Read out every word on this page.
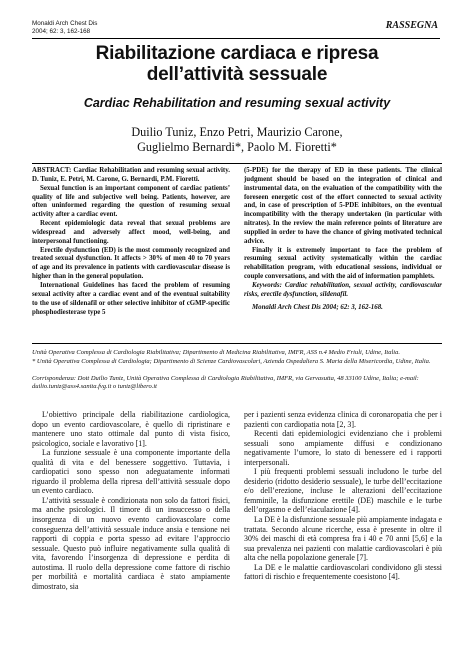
Monaldi Arch Chest Dis
2004; 62: 3, 162-168
RASSEGNA
Riabilitazione cardiaca e ripresa
dell’attività sessuale
Cardiac Rehabilitation and resuming sexual activity
Duilio Tuniz, Enzo Petri, Maurizio Carone,
Guglielmo Bernardi*, Paolo M. Fioretti*

ABSTRACT: Cardiac Rehabilitation and resuming sexual activity. D. Tuniz, E. Petri, M. Carone, G. Bernardi, P.M. Fioretti.

Sexual function is an important component of cardiac patients’ quality of life and subjective well being. Patients, however, are often uninformed regarding the question of resuming sexual activity after a cardiac event.

Recent epidemiologic data reveal that sexual problems are widespread and adversely affect mood, well-being, and interpersonal functioning.

Erectile dysfunction (ED) is the most commonly recognized and treated sexual dysfunction. It affects > 30% of men 40 to 70 years of age and its prevalence in patients with cardiovascular disease is higher than in the general population.

International Guidelines has faced the problem of resuming sexual activity after a cardiac event and of the eventual suitability to the use of sildenafil or other selective inhibitor of cGMP-specific phosphodiesterase type 5

(5-PDE) for the therapy of ED in these patients. The clinical judgment should be based on the integration of clinical and instrumental data, on the evaluation of the compatibility with the foreseen energetic cost of the effort connected to sexual activity and, in case of prescription of 5-PDE inhibitors, on the eventual incompatibility with the therapy undertaken (in particular with nitrates). In the review the main reference points of literature are supplied in order to have the chance of giving motivated technical advice.

Finally it is extremely important to face the problem of resuming sexual activity systematically within the cardiac rehabilitation program, with educational sessions, individual or couple conversations, and with the aid of information pamphlets.

Keywords: Cardiac rehabilitation, sexual activity, cardiovascular risks, erectile dysfunction, sildenafil.

Monaldi Arch Chest Dis 2004; 62: 3, 162-168.

Unità Operativa Complessa di Cardiologia Riabilitativa; Dipartimento di Medicina Riabilitativa, IMFR, ASS n.4 Medio Friuli, Udine, Italia.

* Unità Operativa Complessa di Cardiologia; Dipartimento di Scienze Cardiovascolari, Azienda Ospedaliera S. Maria della Misericordia, Udine, Italia.

Corrispondenza: Dott Duilio Tuniz, Unità Operativa Complessa di Cardiologia Riabilitativa, IMFR, via Gervasutta, 48 33100 Udine, Italia; e-mail: duilio.tuniz@ass4.sanita.fvg.it o tuniz@libero.it

L’obiettivo principale della riabilitazione cardiologica, dopo un evento cardiovascolare, è quello di ripristinare e mantenere uno stato ottimale dal punto di vista fisico, psicologico, sociale e lavorativo [1].

La funzione sessuale è una componente importante della qualità di vita e del benessere soggettivo. Tuttavia, i cardiopatici sono spesso non adeguatamente informati riguardo il problema della ripresa dell’attività sessuale dopo un evento cardiaco.

L’attività sessuale è condizionata non solo da fattori fisici, ma anche psicologici. Il timore di un insuccesso o della insorgenza di un nuovo evento cardiovascolare come conseguenza dell’attività sessuale induce ansia e tensione nei rapporti di coppia e porta spesso ad evitare l’approccio sessuale. Questo può influire negativamente sulla qualità di vita, favorendo l’insorgenza di depressione e perdita di autostima. Il ruolo della depressione come fattore di rischio per morbilità e mortalità cardiaca è stato ampiamente dimostrato, sia

per i pazienti senza evidenza clinica di coronaropatia che per i pazienti con cardiopatia nota [2, 3].

Recenti dati epidemiologici evidenziano che i problemi sessuali sono ampiamente diffusi e condizionano negativamente l’umore, lo stato di benessere ed i rapporti interpersonali.

I più frequenti problemi sessuali includono le turbe del desiderio (ridotto desiderio sessuale), le turbe dell’eccitazione e/o dell’erezione, incluse le alterazioni dell’eccitazione femminile, la disfunzione erettile (DE) maschile e le turbe dell’orgasmo e dell’eiaculazione [4].

La DE è la disfunzione sessuale più ampiamente indagata e trattata. Secondo alcune ricerche, essa è presente in oltre il 30% dei maschi di età compresa fra i 40 e 70 anni [5,6] e la sua prevalenza nei pazienti con malattie cardiovascolari è più alta che nella popolazione generale [7].

La DE e le malattie cardiovascolari condividono gli stessi fattori di rischio e frequentemente coesistono [4].
